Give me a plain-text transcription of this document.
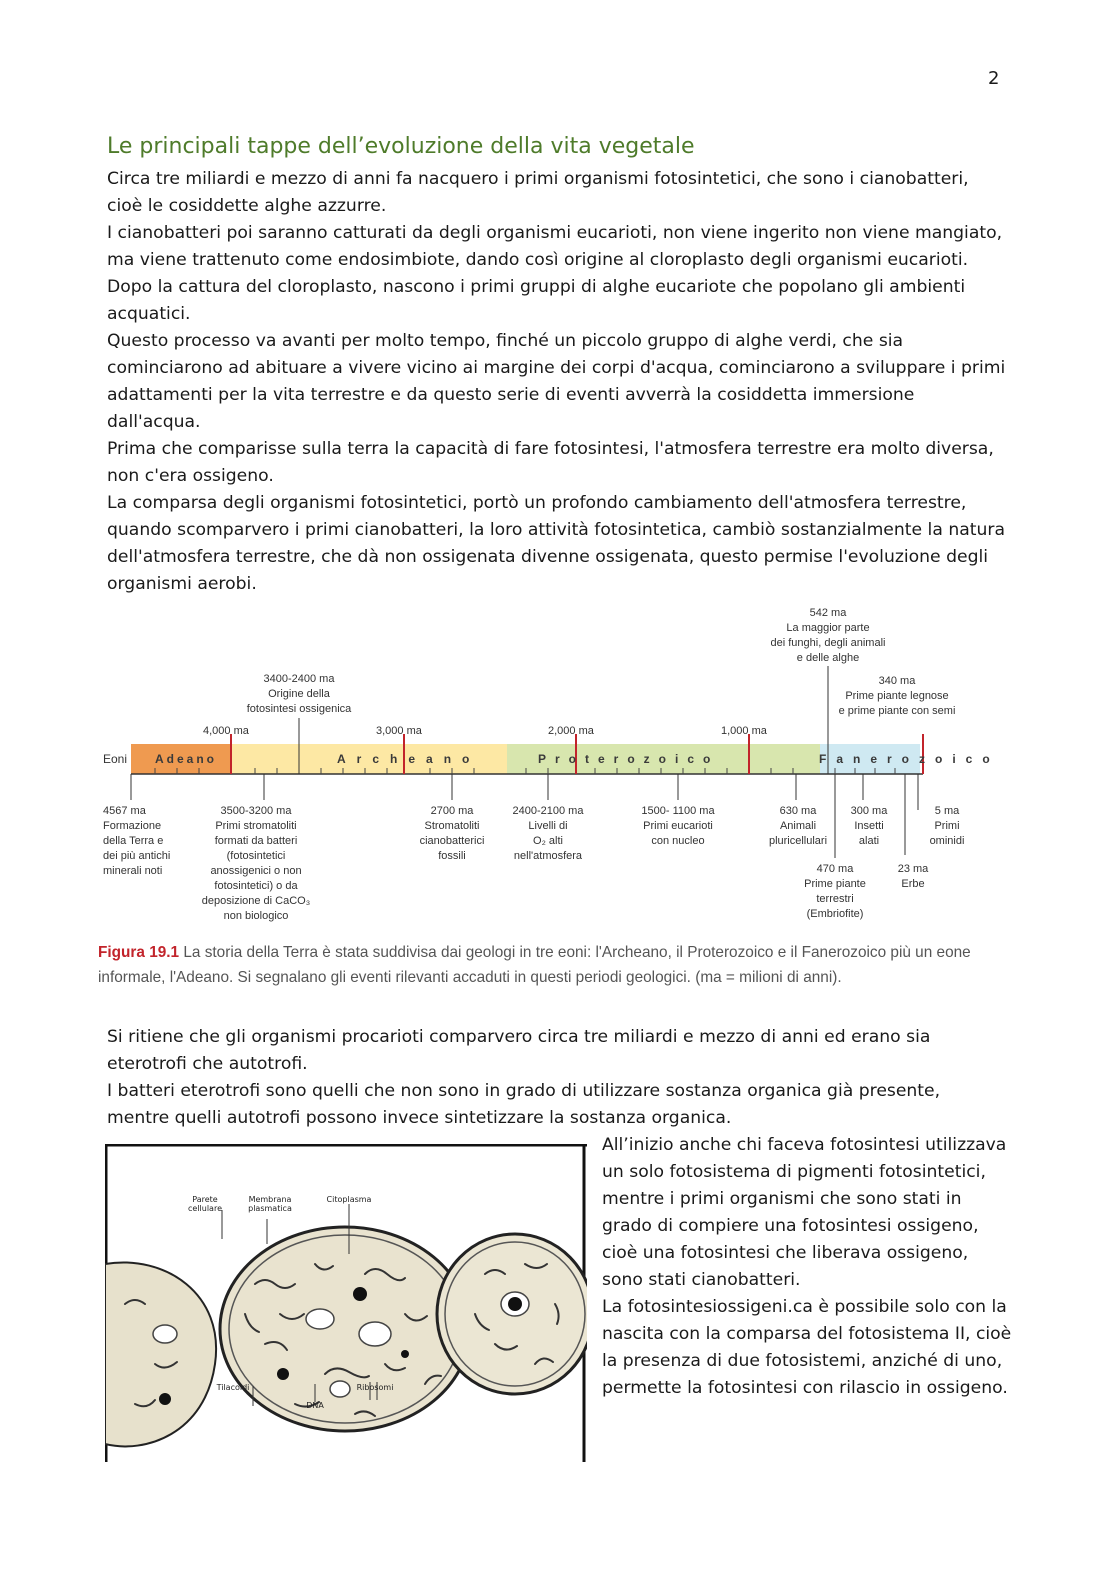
2
Le principali tappe dell’evoluzione della vita vegetale

Circa tre miliardi e mezzo di anni fa nacquero i primi organismi fotosintetici, che sono i cianobatteri, cioè le cosiddette alghe azzurre.

I cianobatteri poi saranno catturati da degli organismi eucarioti, non viene ingerito non viene mangiato, ma viene trattenuto come endosimbiote, dando così origine al cloroplasto degli organismi eucarioti.

Dopo la cattura del cloroplasto, nascono i primi gruppi di alghe eucariote che popolano gli ambienti acquatici.

Questo processo va avanti per molto tempo, finché un piccolo gruppo di alghe verdi, che sia cominciarono ad abituare a vivere vicino ai margine dei corpi d'acqua, cominciarono a sviluppare i primi adattamenti per la vita terrestre e da questo serie di eventi avverrà la cosiddetta immersione dall'acqua.

Prima che comparisse sulla terra la capacità di fare fotosintesi, l'atmosfera terrestre era molto diversa, non c'era ossigeno.

La comparsa degli organismi fotosintetici, portò un profondo cambiamento dell'atmosfera terrestre, quando scomparvero i primi cianobatteri, la loro attività fotosintetica, cambiò sostanzialmente la natura dell'atmosfera terrestre, che dà non ossigenata divenne ossigenata, questo permise l'evoluzione degli organismi aerobi.

4,000 ma	3,000 ma	2,000 ma	1,000 ma
Eoni Adeano	Archeano	Proterozoico	Fanerozoico
3400-2400 ma Origine della fotosintesi ossigenica
542 ma La maggior parte dei funghi, degli animali e delle alghe
340 ma Prime piante legnose e prime piante con semi
4567 ma Formazione della Terra e dei più antichi minerali noti
3500-3200 ma Primi stromatoliti formati da batteri (fotosintetici anossigenici o non fotosintetici) o da deposizione di CaCO₃ non biologico
2700 ma Stromatoliti cianobatterici fossili
2400-2100 ma Livelli di O₂ alti nell'atmosfera
1500- 1100 ma Primi eucarioti con nucleo
630 ma Animali pluricellulari
300 ma Insetti alati
5 ma Primi ominidi
470 ma Prime piante terrestri (Embriofite)
23 ma Erbe

Figura 19.1 La storia della Terra è stata suddivisa dai geologi in tre eoni: l'Archeano, il Proterozoico e il Fanerozoico più un eone informale, l'Adeano. Si segnalano gli eventi rilevanti accaduti in questi periodi geologici. (ma = milioni di anni).

Si ritiene che gli organismi procarioti comparvero circa tre miliardi e mezzo di anni ed erano sia eterotrofi che autotrofi.

I batteri eterotrofi sono quelli che non sono in grado di utilizzare sostanza organica già presente, mentre quelli autotrofi possono invece sintetizzare la sostanza organica.

Parete cellulare
Membrana plasmatica
Citoplasma
Tilacoidi
DNA
Ribosomi

All’inizio anche chi faceva fotosintesi utilizzava un solo fotosistema di pigmenti fotosintetici, mentre i primi organismi che sono stati in grado di compiere una fotosintesi ossigeno, cioè una fotosintesi che liberava ossigeno, sono stati cianobatteri.

La fotosintesiossigeni.ca è possibile solo con la nascita con la comparsa del fotosistema II, cioè la presenza di due fotosistemi, anziché di uno, permette la fotosintesi con rilascio in ossigeno.
